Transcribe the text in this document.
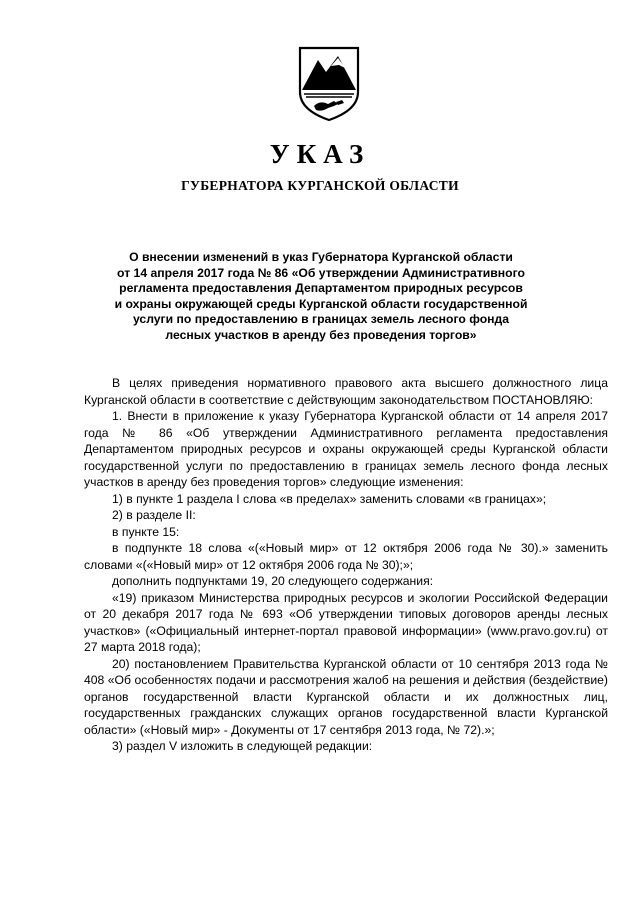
УКАЗ
ГУБЕРНАТОРА КУРГАНСКОЙ ОБЛАСТИ
О внесении изменений в указ Губернатора Курганской области
от 14 апреля 2017 года № 86 «Об утверждении Административного
регламента предоставления Департаментом природных ресурсов
и охраны окружающей среды Курганской области государственной
услуги по предоставлению в границах земель лесного фонда
лесных участков в аренду без проведения торгов»

В целях приведения нормативного правового акта высшего должностного лица Курганской области в соответствие с действующим законодательством ПОСТАНОВЛЯЮ:

1. Внести в приложение к указу Губернатора Курганской области от 14 апреля 2017 года № 86 «Об утверждении Административного регламента предоставления Департаментом природных ресурсов и охраны окружающей среды Курганской области государственной услуги по предоставлению в границах земель лесного фонда лесных участков в аренду без проведения торгов» следующие изменения:

1) в пункте 1 раздела I слова «в пределах» заменить словами «в границах»;

2) в разделе II:

в пункте 15:

в подпункте 18 слова «(«Новый мир» от 12 октября 2006 года № 30).» заменить словами «(«Новый мир» от 12 октября 2006 года № 30);»;

дополнить подпунктами 19, 20 следующего содержания:

«19) приказом Министерства природных ресурсов и экологии Российской Федерации от 20 декабря 2017 года № 693 «Об утверждении типовых договоров аренды лесных участков» («Официальный интернет-портал правовой информации» (www.pravo.gov.ru) от 27 марта 2018 года);

20) постановлением Правительства Курганской области от 10 сентября 2013 года № 408 «Об особенностях подачи и рассмотрения жалоб на решения и действия (бездействие) органов государственной власти Курганской области и их должностных лиц, государственных гражданских служащих органов государственной власти Курганской области» («Новый мир» - Документы от 17 сентября 2013 года, № 72).»;

3) раздел V изложить в следующей редакции:
